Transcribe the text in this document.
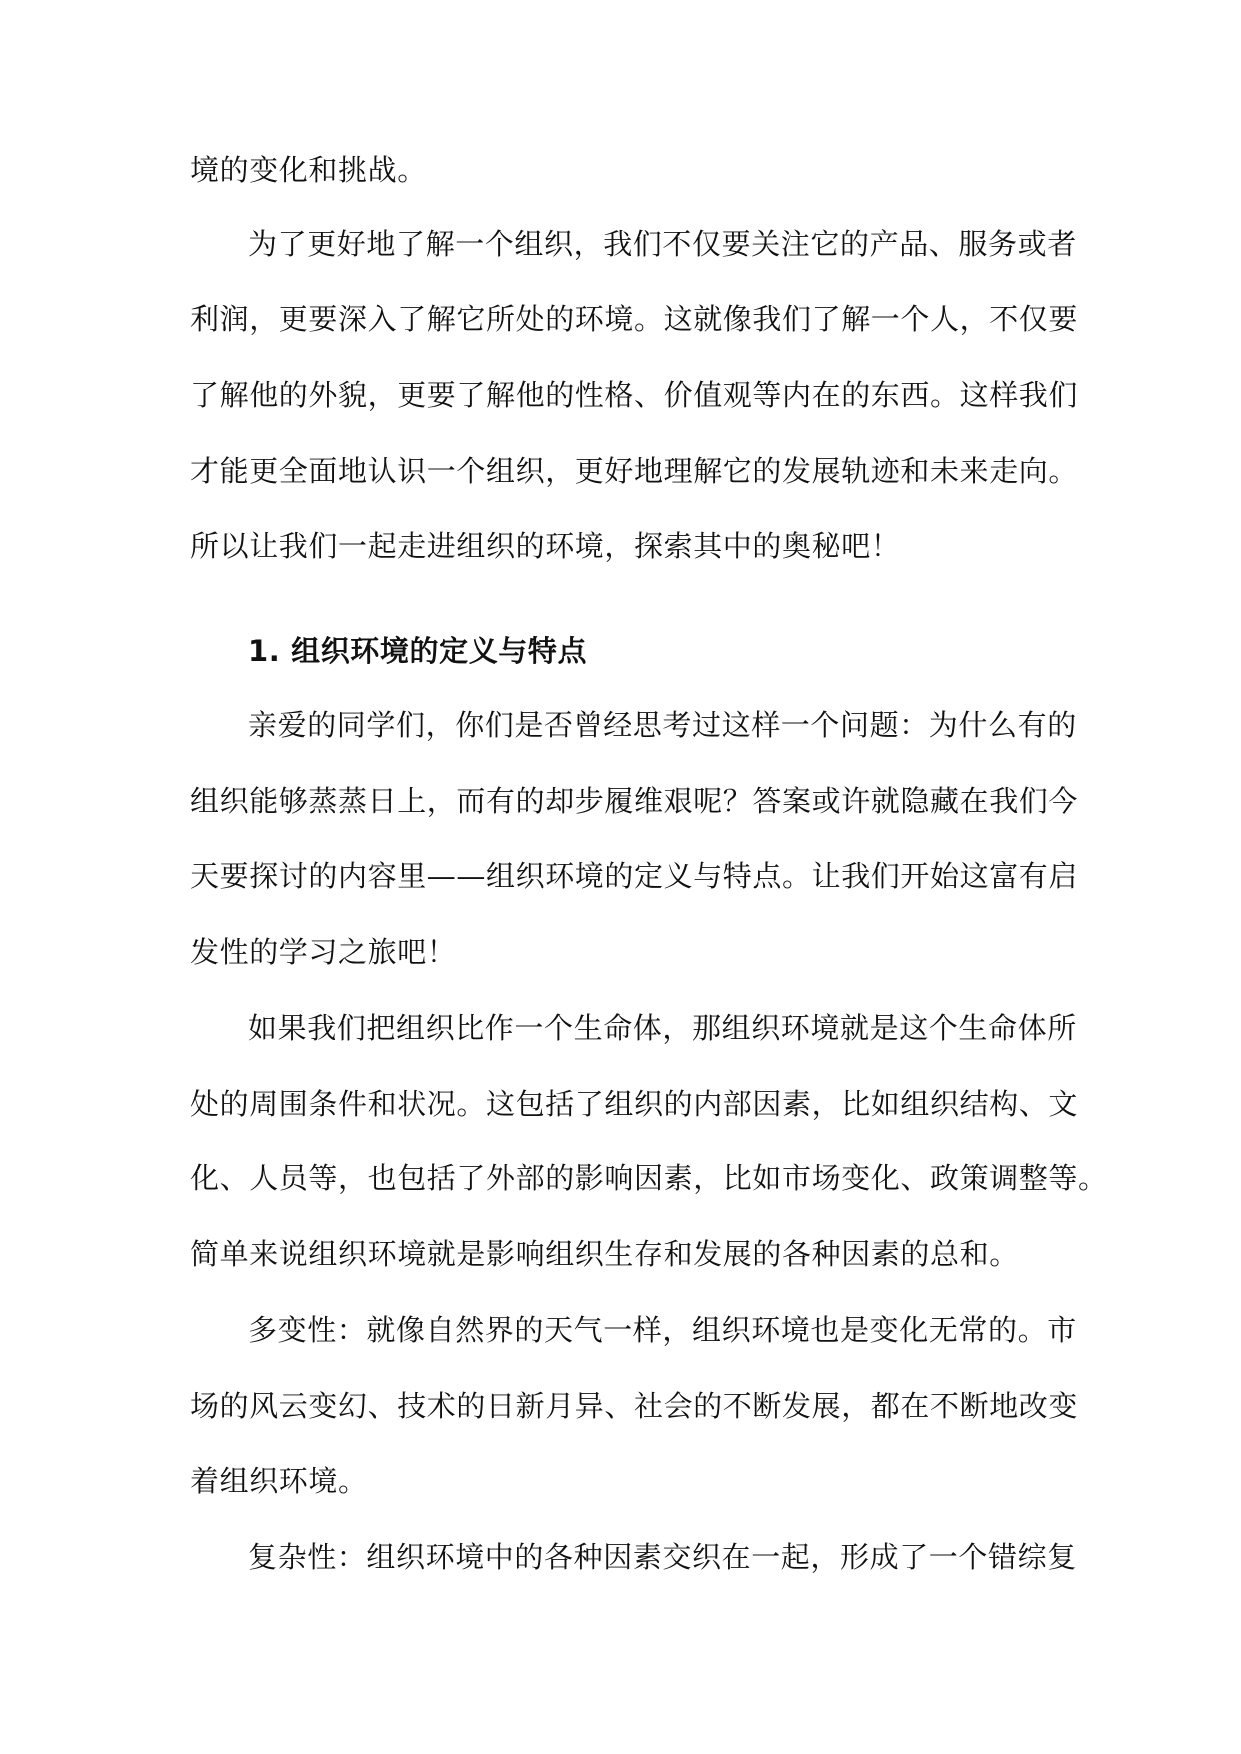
境的变化和挑战。
为了更好地了解一个组织，我们不仅要关注它的产品、服务或者
利润，更要深入了解它所处的环境。这就像我们了解一个人，不仅要
了解他的外貌，更要了解他的性格、价值观等内在的东西。这样我们
才能更全面地认识一个组织，更好地理解它的发展轨迹和未来走向。
所以让我们一起走进组织的环境，探索其中的奥秘吧！
1. 组织环境的定义与特点
亲爱的同学们，你们是否曾经思考过这样一个问题：为什么有的
组织能够蒸蒸日上，而有的却步履维艰呢？答案或许就隐藏在我们今
天要探讨的内容里——组织环境的定义与特点。让我们开始这富有启
发性的学习之旅吧！
如果我们把组织比作一个生命体，那组织环境就是这个生命体所
处的周围条件和状况。这包括了组织的内部因素，比如组织结构、文
化、人员等，也包括了外部的影响因素，比如市场变化、政策调整等。
简单来说组织环境就是影响组织生存和发展的各种因素的总和。
多变性：就像自然界的天气一样，组织环境也是变化无常的。市
场的风云变幻、技术的日新月异、社会的不断发展，都在不断地改变
着组织环境。
复杂性：组织环境中的各种因素交织在一起，形成了一个错综复
